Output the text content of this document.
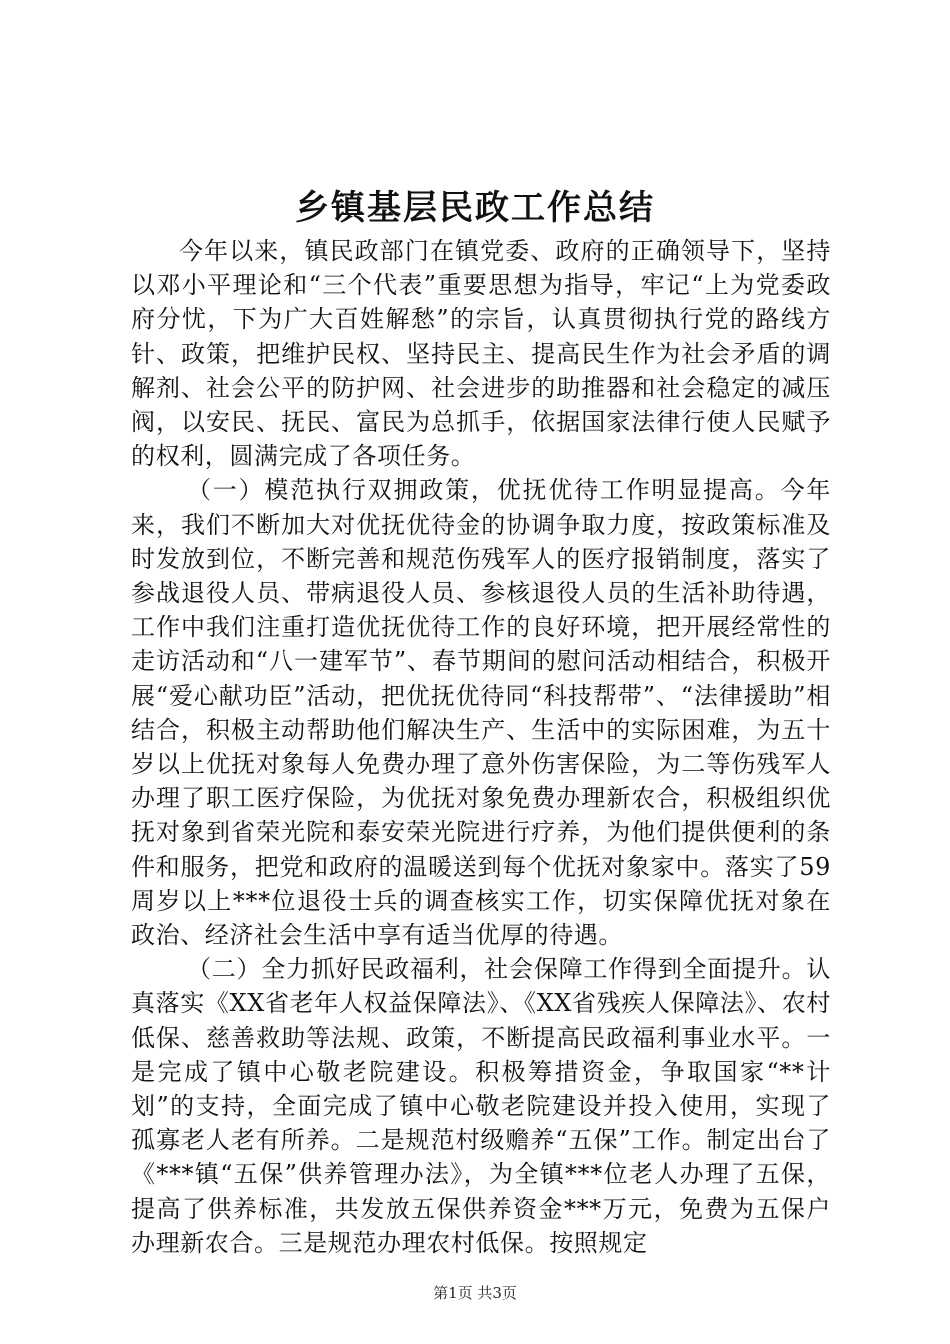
乡镇基层民政工作总结

今年以来，镇民政部门在镇党委、政府的正确领导下，坚持以邓小平理论和“三个代表”重要思想为指导，牢记“上为党委政府分忧，下为广大百姓解愁”的宗旨，认真贯彻执行党的路线方针、政策，把维护民权、坚持民主、提高民生作为社会矛盾的调解剂、社会公平的防护网、社会进步的助推器和社会稳定的减压阀，以安民、抚民、富民为总抓手，依据国家法律行使人民赋予的权利，圆满完成了各项任务。

（一）模范执行双拥政策，优抚优待工作明显提高。今年来，我们不断加大对优抚优待金的协调争取力度，按政策标准及时发放到位，不断完善和规范伤残军人的医疗报销制度，落实了参战退役人员、带病退役人员、参核退役人员的生活补助待遇，工作中我们注重打造优抚优待工作的良好环境，把开展经常性的走访活动和“八一建军节”、春节期间的慰问活动相结合，积极开展“爱心献功臣”活动，把优抚优待同“科技帮带”、“法律援助”相结合，积极主动帮助他们解决生产、生活中的实际困难，为五十岁以上优抚对象每人免费办理了意外伤害保险，为二等伤残军人办理了职工医疗保险，为优抚对象免费办理新农合，积极组织优抚对象到省荣光院和泰安荣光院进行疗养，为他们提供便利的条件和服务，把党和政府的温暖送到每个优抚对象家中。落实了59周岁以上***位退役士兵的调查核实工作，切实保障优抚对象在政治、经济社会生活中享有适当优厚的待遇。

（二）全力抓好民政福利，社会保障工作得到全面提升。认真落实《XX省老年人权益保障法》、《XX省残疾人保障法》、农村低保、慈善救助等法规、政策，不断提高民政福利事业水平。一是完成了镇中心敬老院建设。积极筹措资金，争取国家“**计划”的支持，全面完成了镇中心敬老院建设并投入使用，实现了孤寡老人老有所养。二是规范村级赡养“五保”工作。制定出台了《***镇“五保”供养管理办法》，为全镇***位老人办理了五保，提高了供养标准，共发放五保供养资金***万元，免费为五保户办理新农合。三是规范办理农村低保。按照规定

第1页 共3页
